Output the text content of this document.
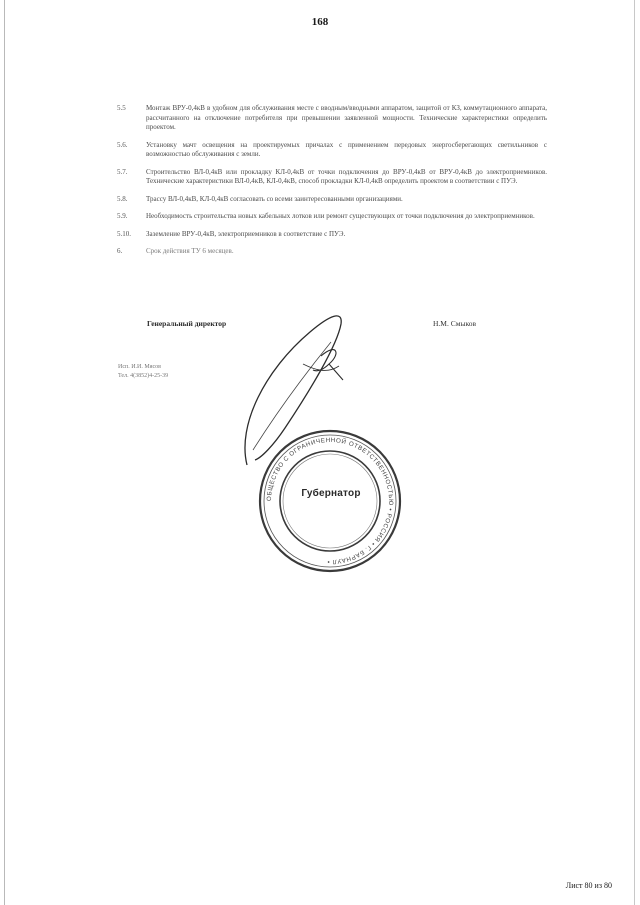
168
5.5	Монтаж ВРУ-0,4кВ в удобном для обслуживания месте с вводным/вводными аппаратом, защитой от КЗ, коммутационного аппарата, рассчитанного на отключение потребителя при превышении заявленной мощности. Технические характеристики определить проектом.
5.6.	Установку мачт освещения на проектируемых причалах с применением передовых энергосберегающих светильников с возможностью обслуживания с земли.
5.7.	Строительство ВЛ-0,4кВ или прокладку КЛ-0,4кВ от точки подключения до ВРУ-0,4кВ от ВРУ-0,4кВ до электроприемников. Технические характеристики ВЛ-0,4кВ, КЛ-0,4кВ, способ прокладки КЛ-0,4кВ определить проектом в соответствии с ПУЭ.
5.8.	Трассу ВЛ-0,4кВ, КЛ-0,4кВ согласовать со всеми заинтересованными организациями.
5.9.	Необходимость строительства новых кабельных лотков или ремонт существующих от точки подключения до электроприемников.
5.10.	Заземление ВРУ-0,4кВ, электроприемников в соответствие с ПУЭ.
6.	Срок действия ТУ 6 месяцев.
Генеральный директор	Н.М. Смыков
Исп. И.И. Мясов
Тел. 4(3852)4-25-39
ОБЩЕСТВО С ОГРАНИЧЕННОЙ ОТВЕТСТВЕННОСТЬЮ • РОССИЯ • Г. БАРНАУЛ •
Губернатор
Лист 80 из 80
